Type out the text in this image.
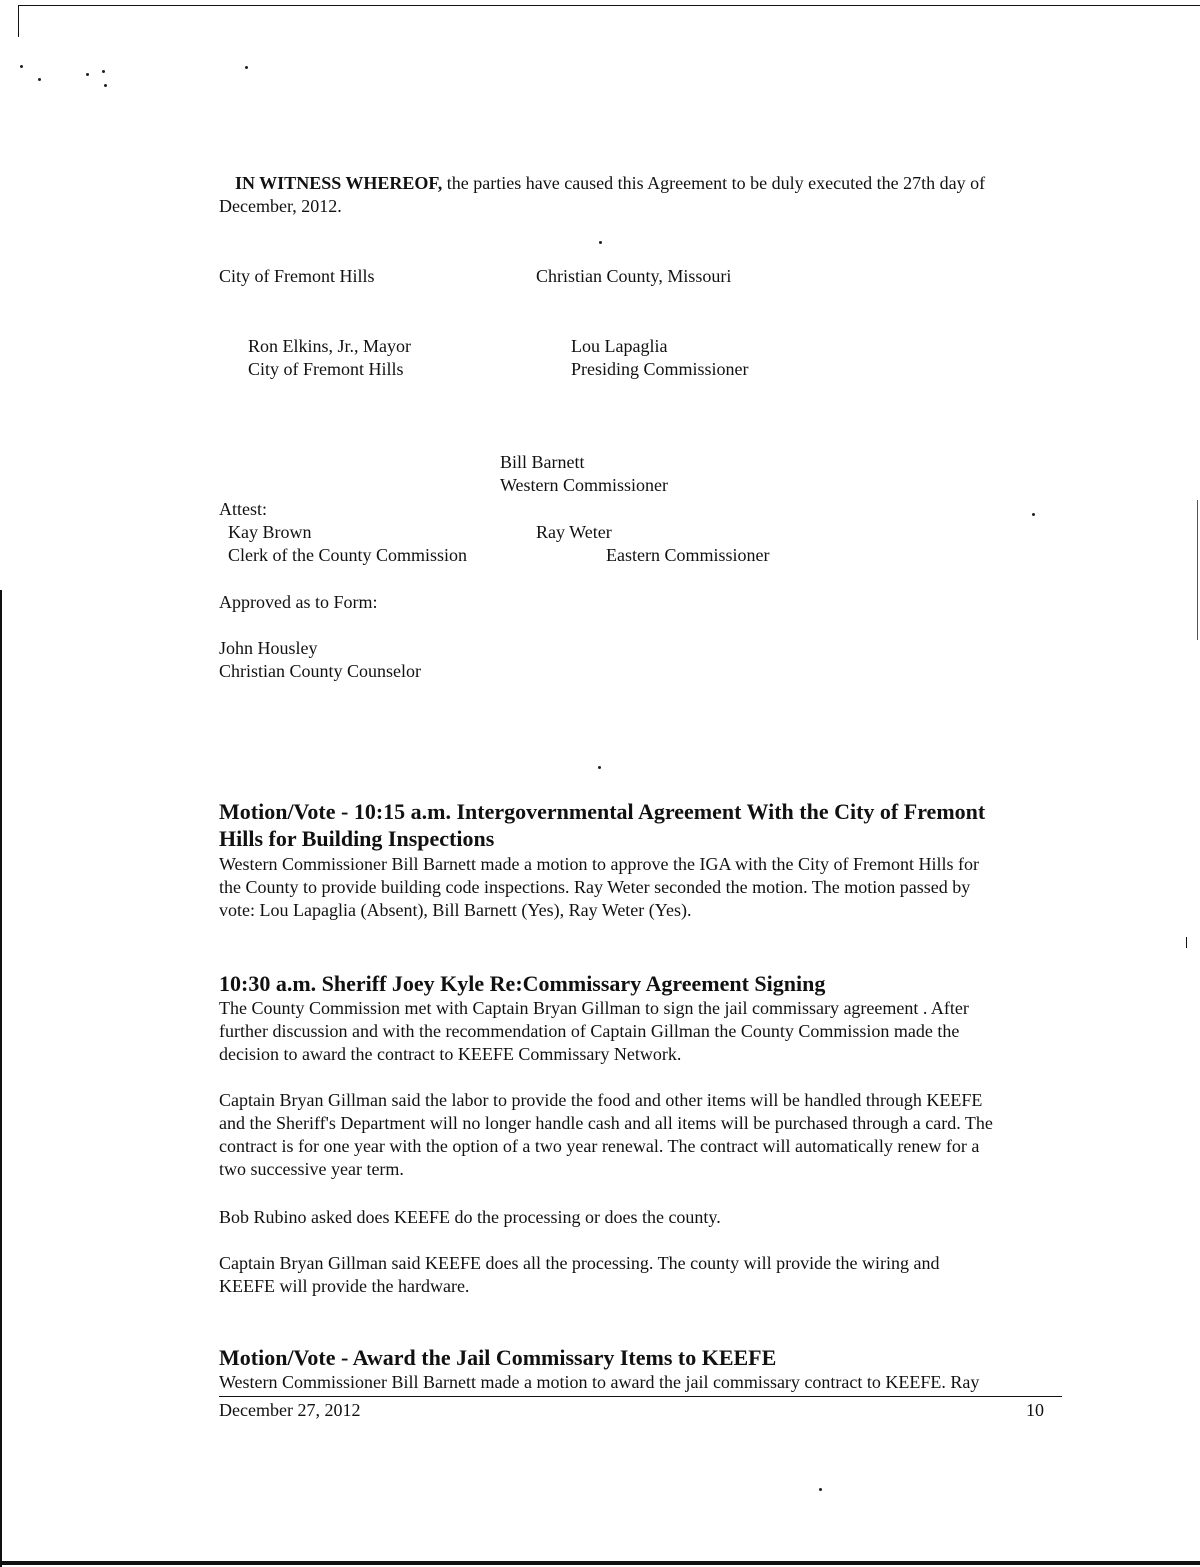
IN WITNESS WHEREOF, the parties have caused this Agreement to be duly executed the 27th day of
December, 2012.
City of Fremont Hills	Christian County, Missouri
Ron Elkins, Jr., Mayor
City of Fremont Hills
Lou Lapaglia
Presiding Commissioner
Bill Barnett
Western Commissioner
Attest:
Kay Brown
Clerk of the County Commission
Ray Weter
Eastern Commissioner
Approved as to Form:
John Housley
Christian County Counselor
Motion/Vote - 10:15 a.m. Intergovernmental Agreement With the City of Fremont
Hills for Building Inspections
Western Commissioner Bill Barnett made a motion to approve the IGA with the City of Fremont Hills for
the County to provide building code inspections. Ray Weter seconded the motion. The motion passed by
vote: Lou Lapaglia (Absent), Bill Barnett (Yes), Ray Weter (Yes).
10:30 a.m. Sheriff Joey Kyle Re:Commissary Agreement Signing
The County Commission met with Captain Bryan Gillman to sign the jail commissary agreement . After
further discussion and with the recommendation of Captain Gillman the County Commission made the
decision to award the contract to KEEFE Commissary Network.
Captain Bryan Gillman said the labor to provide the food and other items will be handled through KEEFE
and the Sheriff's Department will no longer handle cash and all items will be purchased through a card. The
contract is for one year with the option of a two year renewal. The contract will automatically renew for a
two successive year term.
Bob Rubino asked does KEEFE do the processing or does the county.
Captain Bryan Gillman said KEEFE does all the processing. The county will provide the wiring and
KEEFE will provide the hardware.
Motion/Vote - Award the Jail Commissary Items to KEEFE
Western Commissioner Bill Barnett made a motion to award the jail commissary contract to KEEFE. Ray
December 27, 2012	10
